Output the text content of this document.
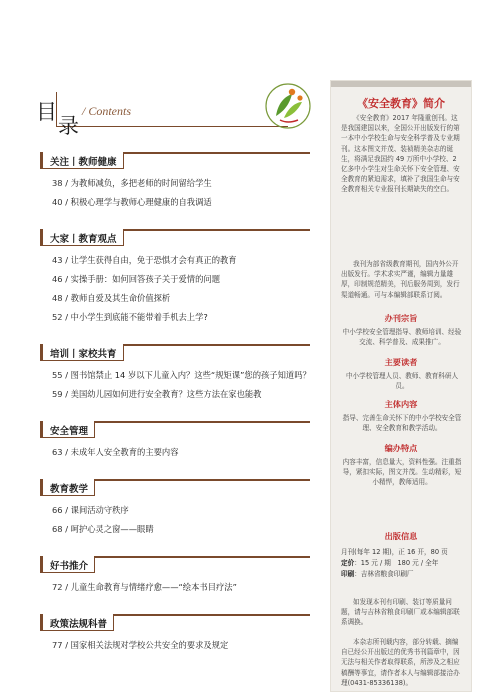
目
录
/ Contents
关注丨教师健康
38 / 为教师减负，多把老师的时间留给学生
40 / 积极心理学与教师心理健康的自我调适
大家丨教育观点
43 / 让学生获得自由，免于恐惧才会有真正的教育
46 / 实操手册：如何回答孩子关于爱情的问题
48 / 教师自爱及其生命价值探析
52 / 中小学生到底能不能带着手机去上学?
培训丨家校共育
55 / 图书馆禁止 14 岁以下儿童入内？这些“规矩课”您的孩子知道吗？
59 / 美国幼儿园如何进行安全教育？这些方法在家也能教
安全管理
63 / 未成年人安全教育的主要内容
教育教学
66 / 课间活动守秩序
68 / 呵护心灵之窗——眼睛
好书推介
72 / 儿童生命教育与情绪疗愈——“绘本书目疗法”
政策法规科普
77 / 国家相关法规对学校公共安全的要求及规定
《安全教育》简介
《安全教育》2017 年隆重创刊。这是我国建国以来，全国公开出版发行的第一本中小学校生命与安全科学普及专业期刊。这本图文并茂、装祯精美杂志的诞生，将满足我国约 49 万所中小学校、2 亿多中小学生对生命关怀下安全管理、安全教育的紧迫需求，填补了我国生命与安全教育相关专业报刊长期缺失的空白。
我刊为部省级教育期刊，国内外公开出版发行。学术求实严谨，编辑力量雄厚，印制规范精美，刊后服务周到，发行渠道畅通。可与本编辑部联系订阅。
办刊宗旨
中小学校安全管理指导、教师培训、经验交流、科学普及、成果推广。
主要读者
中小学校管理人员、教师、教育科研人员。
主体内容
指导、完善生命关怀下的中小学校安全管理、安全教育和教学活动。
编办特点
内容丰富，信息量大，资料性强。注重指导，紧扣实际，图文并茂。生动精彩，短小精悍，教师适用。
出版信息
月刊(每年 12 期)，正 16 开，80 页
定价：15 元 / 期　180 元 / 全年
印刷：吉林省粮食印刷厂
如发现本刊有印刷、装订等质量问题，请与吉林省粮食印刷厂或本编辑部联系调换。
本杂志所刊载内容，部分转载、摘编自已经公开出版过的优秀书刊篇章中，因无法与相关作者取得联系，所涉及之相应稿酬等事宜，请作者本人与编辑部接洽办理(0431-85336138)。
